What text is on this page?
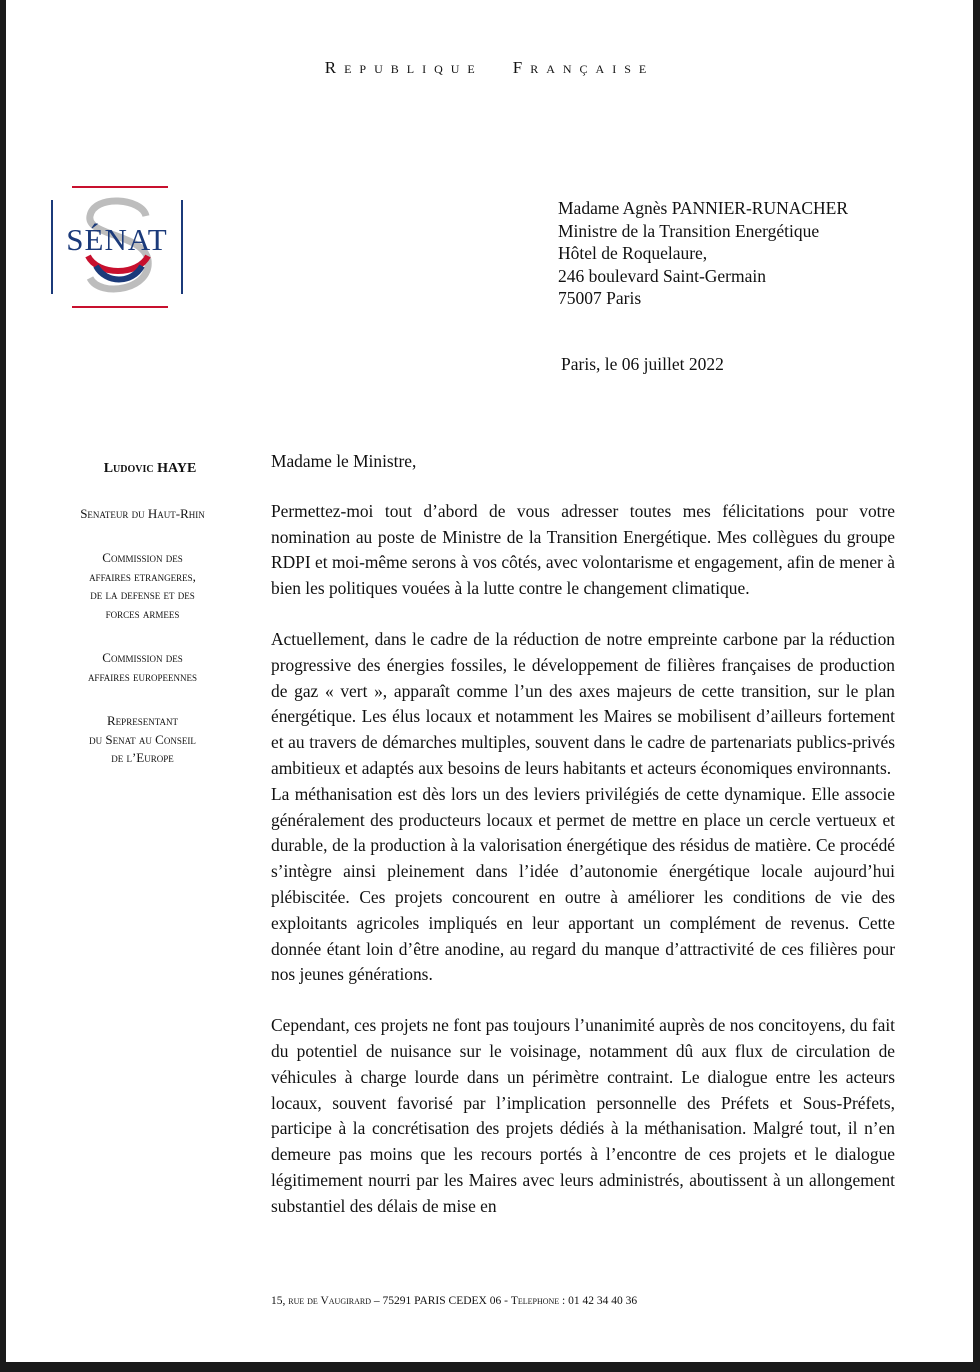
Republique Française
SÉNAT
Madame Agnès PANNIER-RUNACHER
Ministre de la Transition Energétique
Hôtel de Roquelaure,
246 boulevard Saint-Germain
75007 Paris
Paris, le 06 juillet 2022
Ludovic HAYE
Senateur du Haut-Rhin
Commission des
affaires etrangeres,
de la defense et des
forces armees
Commission des
affaires europeennes
Representant
du Senat au Conseil
de l’Europe

Madame le Ministre,

Permettez-moi tout d’abord de vous adresser toutes mes félicitations pour votre nomination au poste de Ministre de la Transition Energétique. Mes collègues du groupe RDPI et moi-même serons à vos côtés, avec volontarisme et engagement, afin de mener à bien les politiques vouées à la lutte contre le changement climatique.

Actuellement, dans le cadre de la réduction de notre empreinte carbone par la réduction progressive des énergies fossiles, le développement de filières françaises de production de gaz « vert », apparaît comme l’un des axes majeurs de cette transition, sur le plan énergétique. Les élus locaux et notamment les Maires se mobilisent d’ailleurs fortement et au travers de démarches multiples, souvent dans le cadre de partenariats publics-privés ambitieux et adaptés aux besoins de leurs habitants et acteurs économiques environnants.

La méthanisation est dès lors un des leviers privilégiés de cette dynamique. Elle associe généralement des producteurs locaux et permet de mettre en place un cercle vertueux et durable, de la production à la valorisation énergétique des résidus de matière. Ce procédé s’intègre ainsi pleinement dans l’idée d’autonomie énergétique locale aujourd’hui plébiscitée. Ces projets concourent en outre à améliorer les conditions de vie des exploitants agricoles impliqués en leur apportant un complément de revenus. Cette donnée étant loin d’être anodine, au regard du manque d’attractivité de ces filières pour nos jeunes générations.

Cependant, ces projets ne font pas toujours l’unanimité auprès de nos concitoyens, du fait du potentiel de nuisance sur le voisinage, notamment dû aux flux de circulation de véhicules à charge lourde dans un périmètre contraint. Le dialogue entre les acteurs locaux, souvent favorisé par l’implication personnelle des Préfets et Sous-Préfets, participe à la concrétisation des projets dédiés à la méthanisation. Malgré tout, il n’en demeure pas moins que les recours portés à l’encontre de ces projets et le dialogue légitimement nourri par les Maires avec leurs administrés, aboutissent à un allongement substantiel des délais de mise en

15, rue de Vaugirard – 75291 PARIS CEDEX 06 - Telephone : 01 42 34 40 36
